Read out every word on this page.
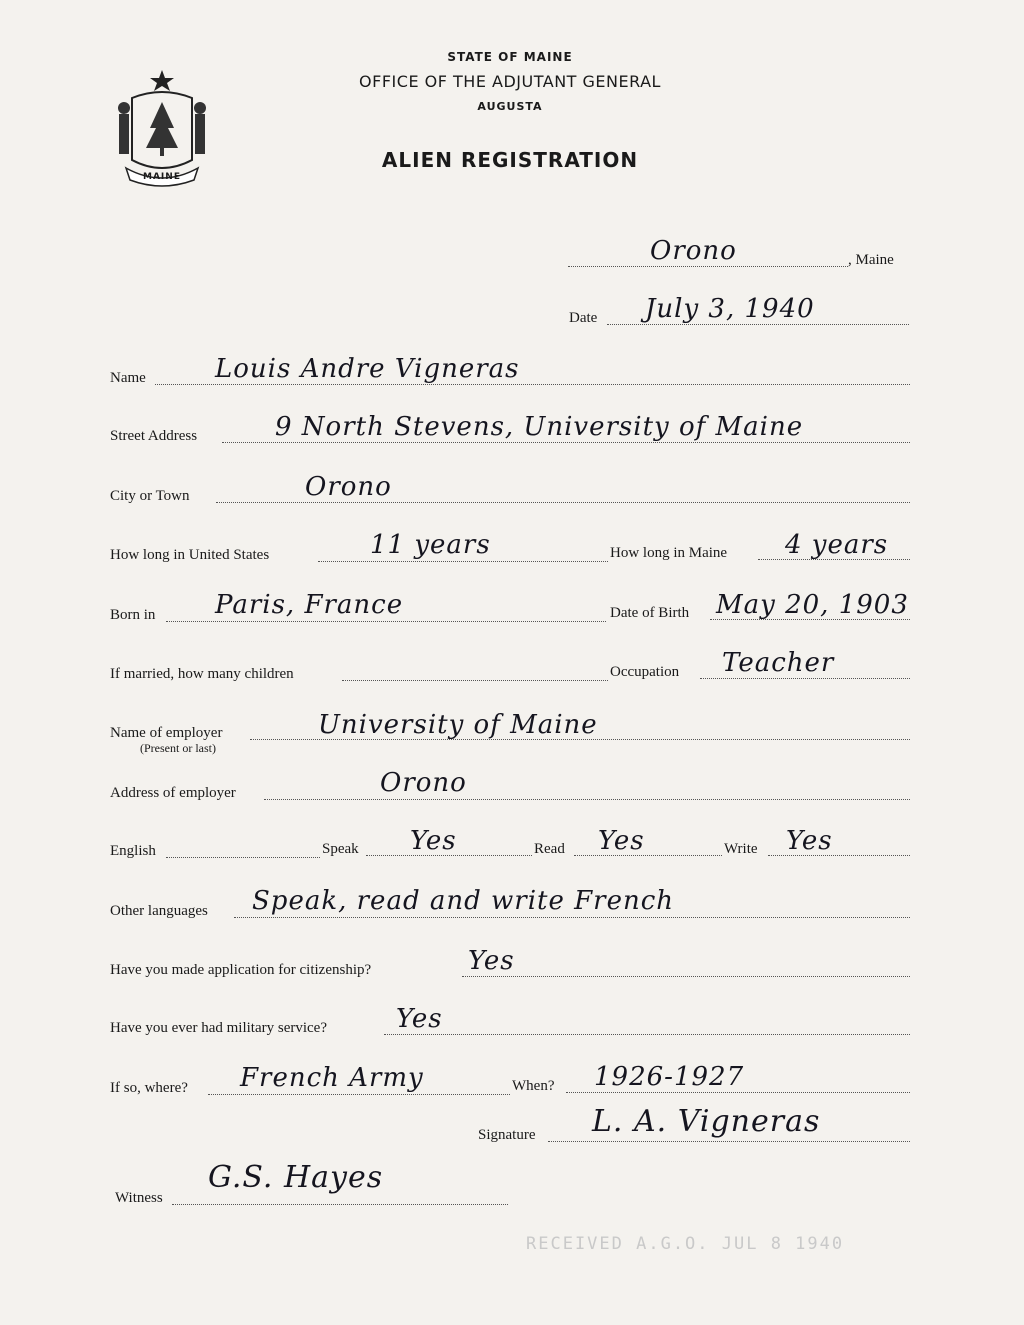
MAINE
STATE OF MAINE
OFFICE OF THE ADJUTANT GENERAL
AUGUSTA
ALIEN REGISTRATION
Orono	, Maine
Date July 3, 1940
Name	Louis Andre Vigneras
Street Address	9 North Stevens, University of Maine
City or Town	Orono
How long in United States	11 years	How long in Maine 4 years
Born in Paris, France	Date of Birth May 20, 1903
If married, how many children	Occupation Teacher
Name of employer
(Present or last)
University of Maine
Address of employer	Orono
English	Speak Yes	Read Yes	Write Yes
Other languages Speak, read and write French
Have you made application for citizenship?	Yes
Have you ever had military service?	Yes
If so, where? French Army	When? 1926-1927
Signature L. A. Vigneras
Witness
G.S. Hayes
RECEIVED A.G.O. JUL 8 1940
